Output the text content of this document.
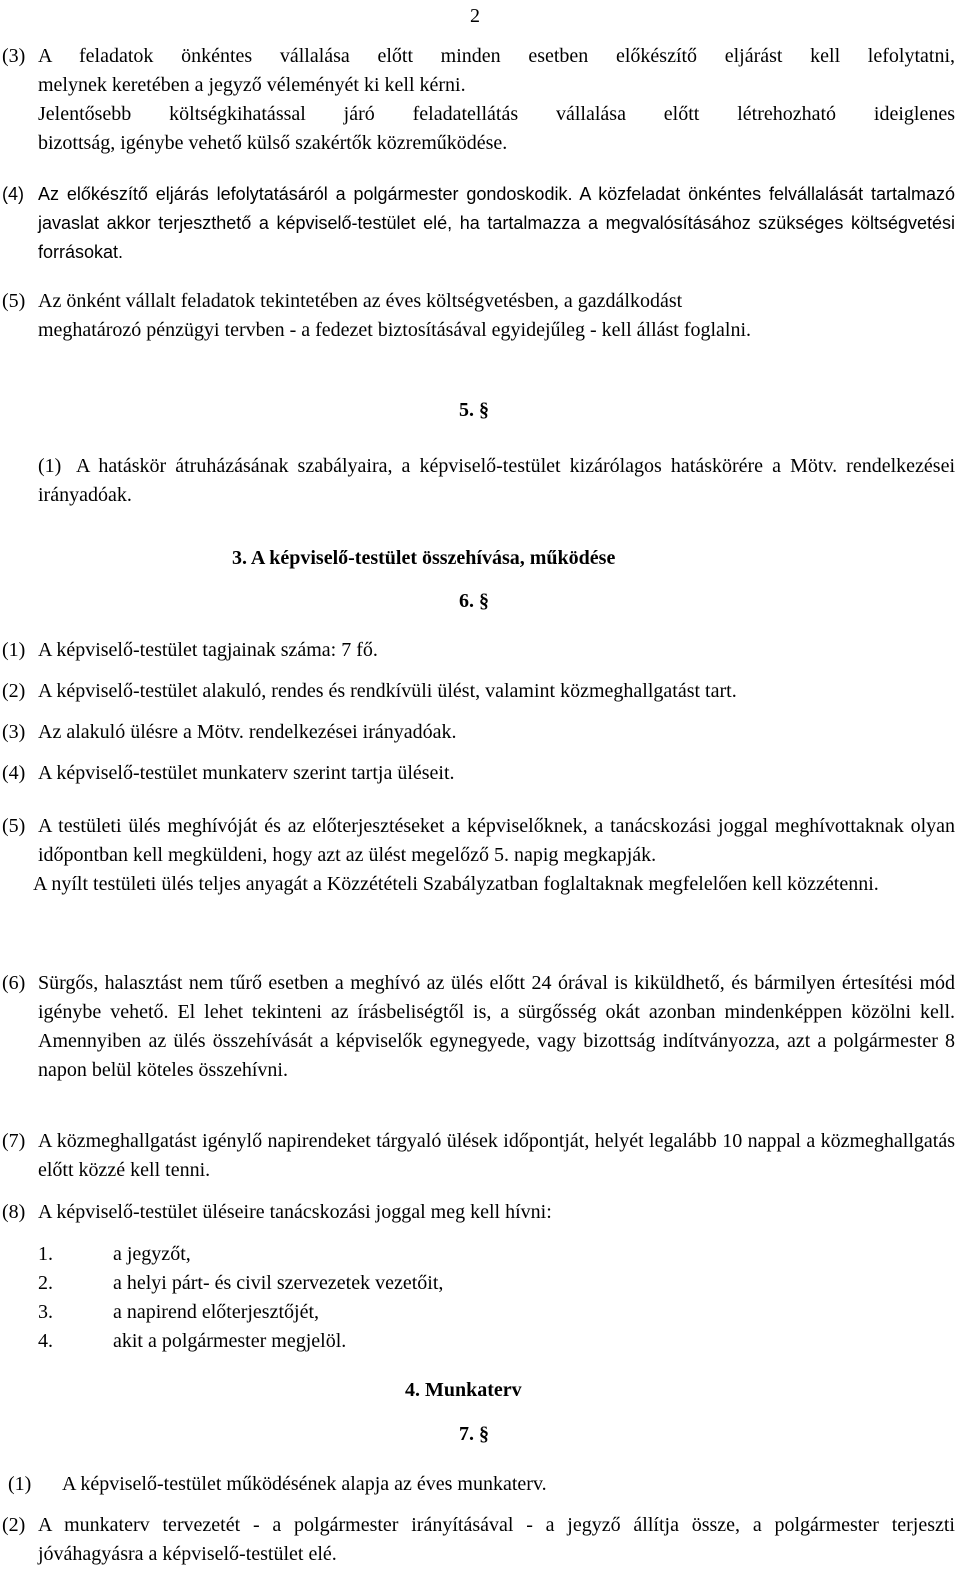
2
(3) A feladatok önkéntes vállalása előtt minden esetben előkészítő eljárást kell lefolytatni,
melynek keretében a jegyző véleményét ki kell kérni.
Jelentősebb költségkihatással járó feladatellátás vállalása előtt létrehozható ideiglenes
bizottság, igénybe vehető külső szakértők közreműködése.
(4) Az előkészítő eljárás lefolytatásáról a polgármester gondoskodik. A közfeladat önkéntes felvállalását tartalmazó javaslat akkor terjeszthető a képviselő-testület elé, ha tartalmazza a megvalósításához szükséges költségvetési forrásokat.
(5) Az önként vállalt feladatok tekintetében az éves költségvetésben, a gazdálkodást
meghatározó pénzügyi tervben - a fedezet biztosításával egyidejűleg - kell állást foglalni.
5. §
(1) A hatáskör átruházásának szabályaira, a képviselő-testület kizárólagos hatáskörére a Mötv. rendelkezései irányadóak.
3. A képviselő-testület összehívása, működése
6. §
(1) A képviselő-testület tagjainak száma: 7 fő.
(2) A képviselő-testület alakuló, rendes és rendkívüli ülést, valamint közmeghallgatást tart.
(3) Az alakuló ülésre a Mötv. rendelkezései irányadóak.
(4) A képviselő-testület munkaterv szerint tartja üléseit.
(5) A testületi ülés meghívóját és az előterjesztéseket a képviselőknek, a tanácskozási joggal meghívottaknak olyan időpontban kell megküldeni, hogy azt az ülést megelőző 5. napig megkapják.
A nyílt testületi ülés teljes anyagát a Közzétételi Szabályzatban foglaltaknak megfelelően kell közzétenni.
(6) Sürgős, halasztást nem tűrő esetben a meghívó az ülés előtt 24 órával is kiküldhető, és bármilyen értesítési mód igénybe vehető. El lehet tekinteni az írásbeliségtől is, a sürgősség okát azonban mindenképpen közölni kell. Amennyiben az ülés összehívását a képviselők egynegyede, vagy bizottság indítványozza, azt a polgármester 8 napon belül köteles összehívni.
(7) A közmeghallgatást igénylő napirendeket tárgyaló ülések időpontját, helyét legalább 10 nappal a közmeghallgatás előtt közzé kell tenni.
(8) A képviselő-testület üléseire tanácskozási joggal meg kell hívni:
1.	a jegyzőt,
2.	a helyi párt- és civil szervezetek vezetőit,
3.	a napirend előterjesztőjét,
4.	akit a polgármester megjelöl.
4. Munkaterv
7. §
(1) A képviselő-testület működésének alapja az éves munkaterv.
(2) A munkaterv tervezetét - a polgármester irányításával - a jegyző állítja össze, a polgármester terjeszti jóváhagyásra a képviselő-testület elé.
